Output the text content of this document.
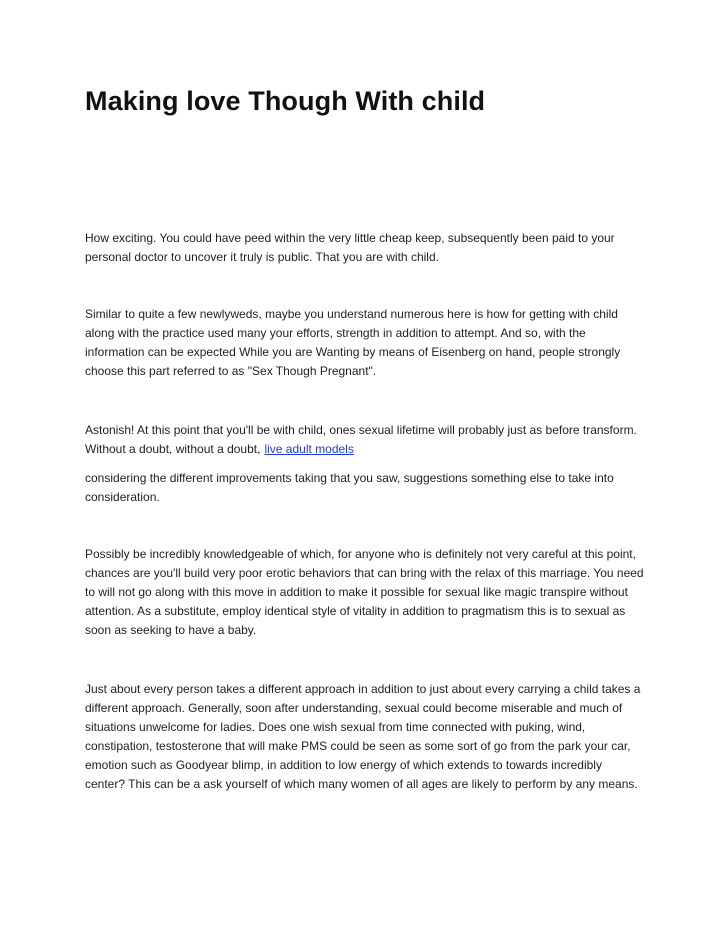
Making love Though With child

How exciting. You could have peed within the very little cheap keep, subsequently been paid to your personal doctor to uncover it truly is public. That you are with child.

Similar to quite a few newlyweds, maybe you understand numerous here is how for getting with child along with the practice used many your efforts, strength in addition to attempt. And so, with the information can be expected While you are Wanting by means of Eisenberg on hand, people strongly choose this part referred to as "Sex Though Pregnant".

Astonish! At this point that you'll be with child, ones sexual lifetime will probably just as before transform. Without a doubt, without a doubt, live adult models

considering the different improvements taking that you saw, suggestions something else to take into consideration.

Possibly be incredibly knowledgeable of which, for anyone who is definitely not very careful at this point, chances are you'll build very poor erotic behaviors that can bring with the relax of this marriage. You need to will not go along with this move in addition to make it possible for sexual like magic transpire without attention. As a substitute, employ identical style of vitality in addition to pragmatism this is to sexual as soon as seeking to have a baby.

Just about every person takes a different approach in addition to just about every carrying a child takes a different approach. Generally, soon after understanding, sexual could become miserable and much of situations unwelcome for ladies. Does one wish sexual from time connected with puking, wind, constipation, testosterone that will make PMS could be seen as some sort of go from the park your car, emotion such as Goodyear blimp, in addition to low energy of which extends to towards incredibly center? This can be a ask yourself of which many women of all ages are likely to perform by any means.
